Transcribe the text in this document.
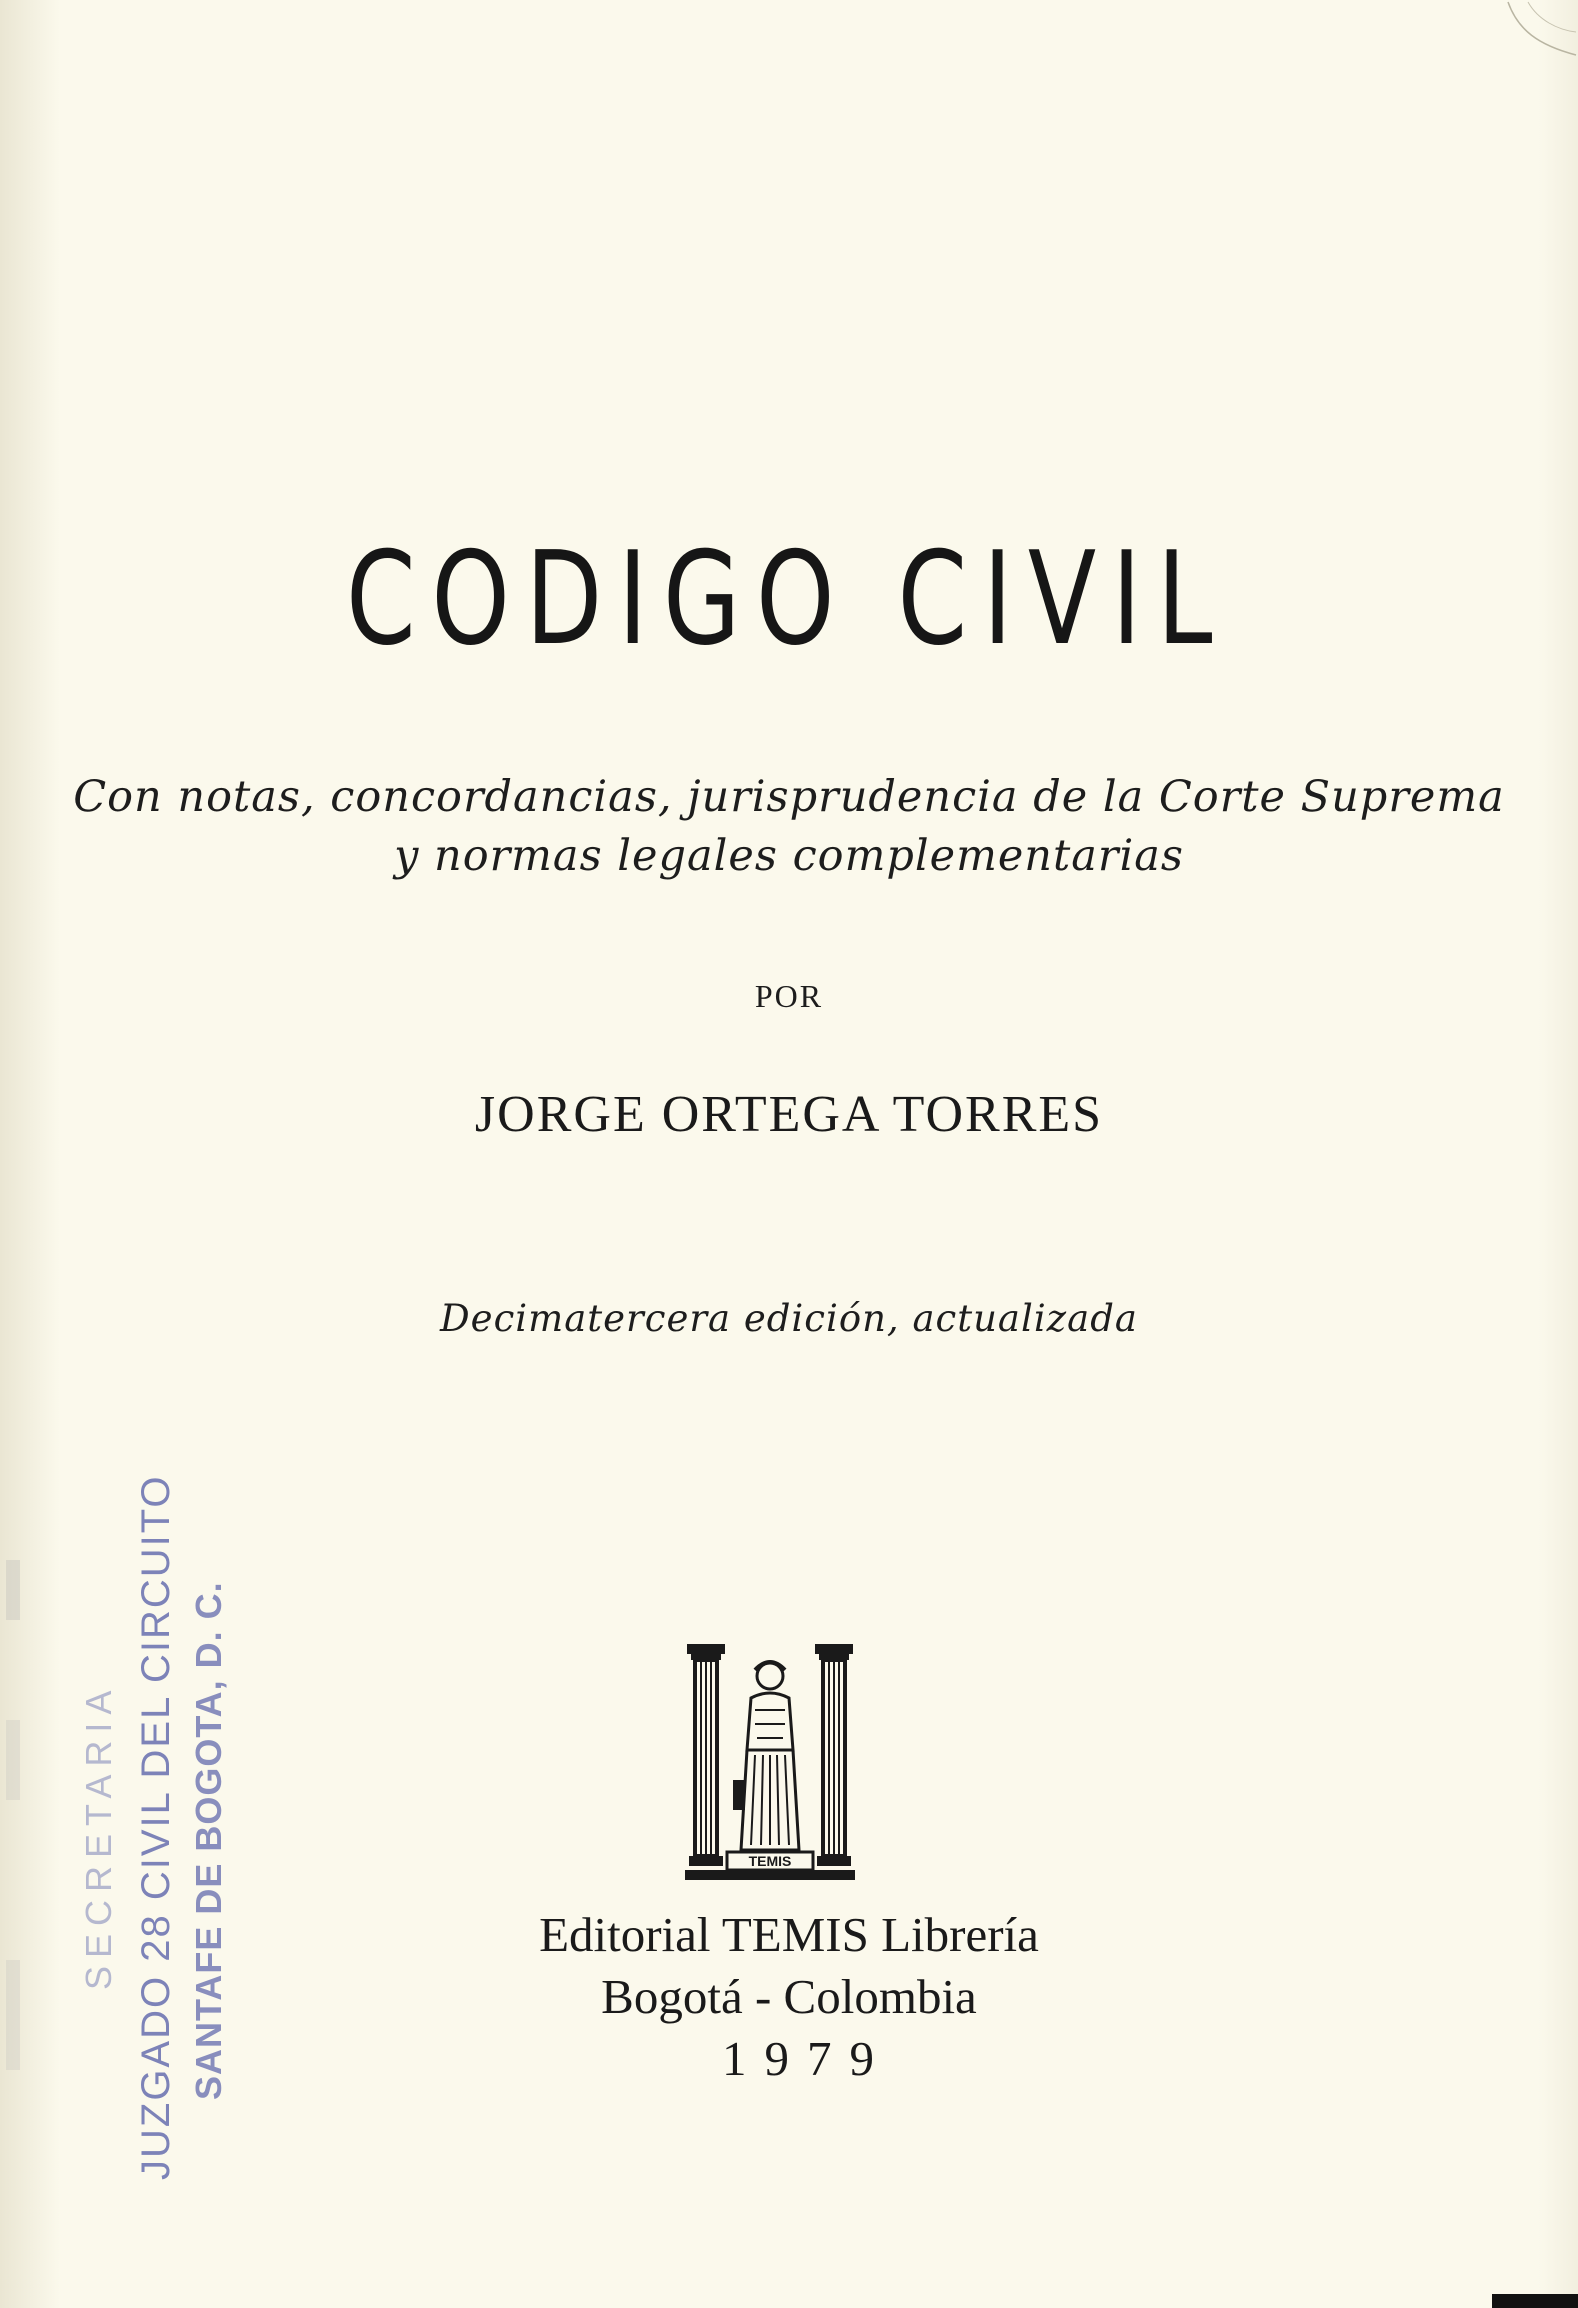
CODIGO CIVIL
Con notas, concordancias, jurisprudencia de la Corte Suprema
y normas legales complementarias
POR
JORGE ORTEGA TORRES
Decimatercera edición, actualizada
TEMIS
Editorial TEMIS Librería
Bogotá - Colombia
1979
SECRETARIA JUZGADO 28 CIVIL DEL CIRCUITO SANTAFE DE BOGOTA, D. C.
